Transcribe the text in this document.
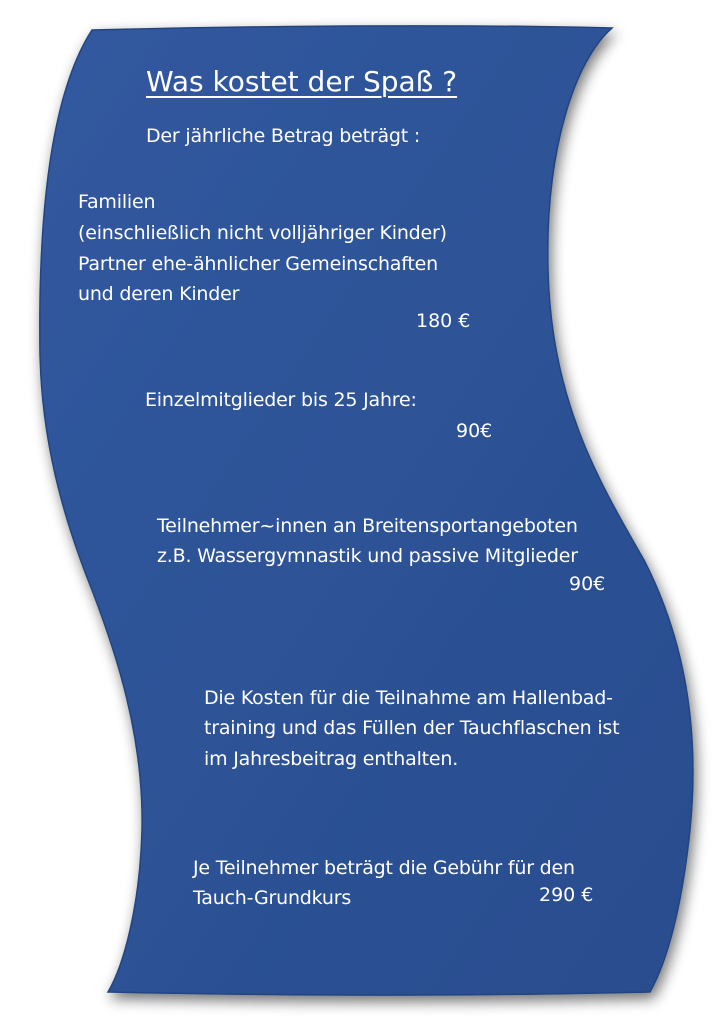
Was kostet der Spaß ?
Der jährliche Betrag beträgt :
Familien
(einschließlich nicht volljähriger Kinder)
Partner ehe-ähnlicher Gemeinschaften
und deren Kinder
180 €
Einzelmitglieder bis 25 Jahre:
90€
Teilnehmer~innen an Breitensportangeboten
z.B. Wassergymnastik und passive Mitglieder
90€
Die Kosten für die Teilnahme am Hallenbad-
training und das Füllen der Tauchflaschen ist
im Jahresbeitrag enthalten.
Je Teilnehmer beträgt die Gebühr für den
Tauch-Grundkurs	290 €
